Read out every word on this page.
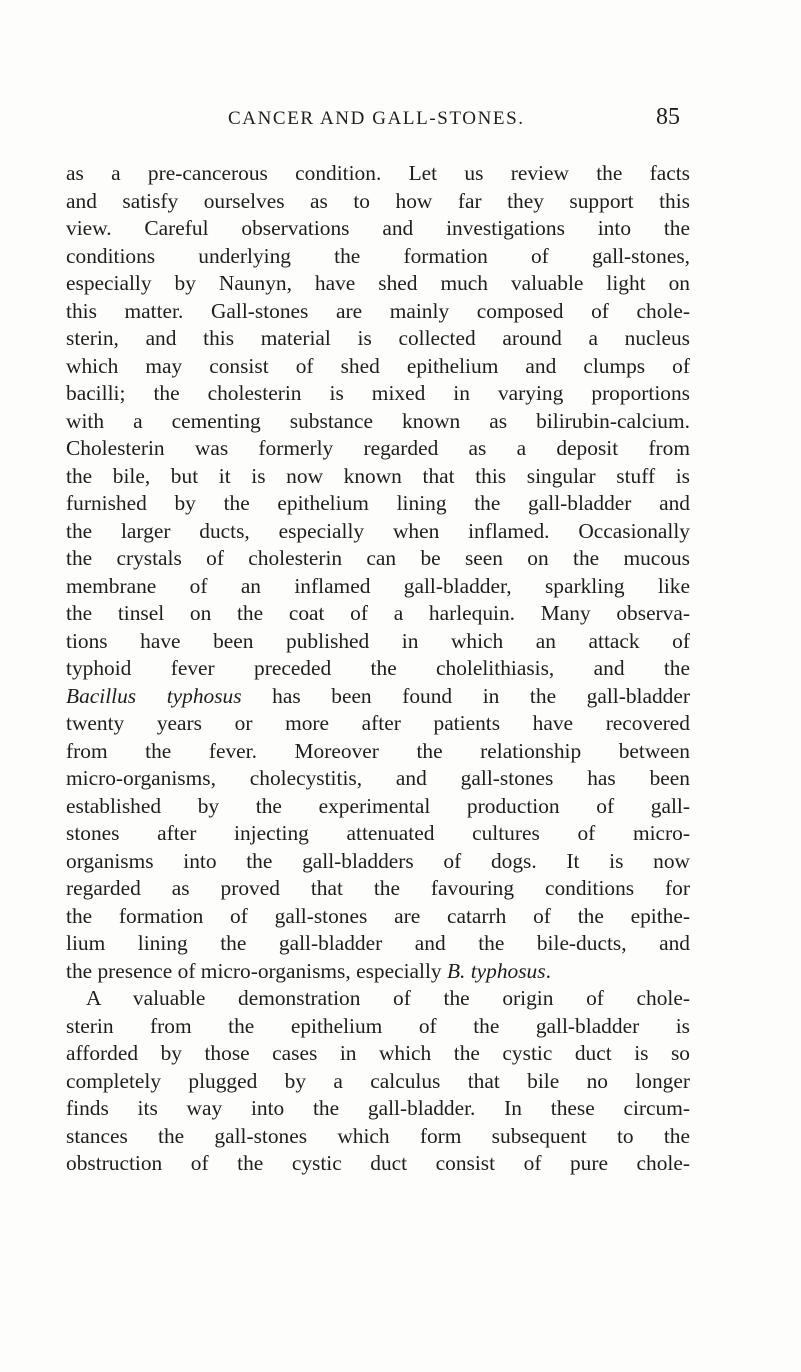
CANCER AND GALL-STONES.	85
as a pre-cancerous condition. Let us review the facts
and satisfy ourselves as to how far they support this
view. Careful observations and investigations into the
conditions underlying the formation of gall-stones,
especially by Naunyn, have shed much valuable light on
this matter. Gall-stones are mainly composed of chole-
sterin, and this material is collected around a nucleus
which may consist of shed epithelium and clumps of
bacilli; the cholesterin is mixed in varying proportions
with a cementing substance known as bilirubin-calcium.
Cholesterin was formerly regarded as a deposit from
the bile, but it is now known that this singular stuff is
furnished by the epithelium lining the gall-bladder and
the larger ducts, especially when inflamed. Occasionally
the crystals of cholesterin can be seen on the mucous
membrane of an inflamed gall-bladder, sparkling like
the tinsel on the coat of a harlequin. Many observa-
tions have been published in which an attack of
typhoid fever preceded the cholelithiasis, and the
Bacillus typhosus has been found in the gall-bladder
twenty years or more after patients have recovered
from the fever. Moreover the relationship between
micro-organisms, cholecystitis, and gall-stones has been
established by the experimental production of gall-
stones after injecting attenuated cultures of micro-
organisms into the gall-bladders of dogs. It is now
regarded as proved that the favouring conditions for
the formation of gall-stones are catarrh of the epithe-
lium lining the gall-bladder and the bile-ducts, and
the presence of micro-organisms, especially B. typhosus.
A valuable demonstration of the origin of chole-
sterin from the epithelium of the gall-bladder is
afforded by those cases in which the cystic duct is so
completely plugged by a calculus that bile no longer
finds its way into the gall-bladder. In these circum-
stances the gall-stones which form subsequent to the
obstruction of the cystic duct consist of pure chole-
